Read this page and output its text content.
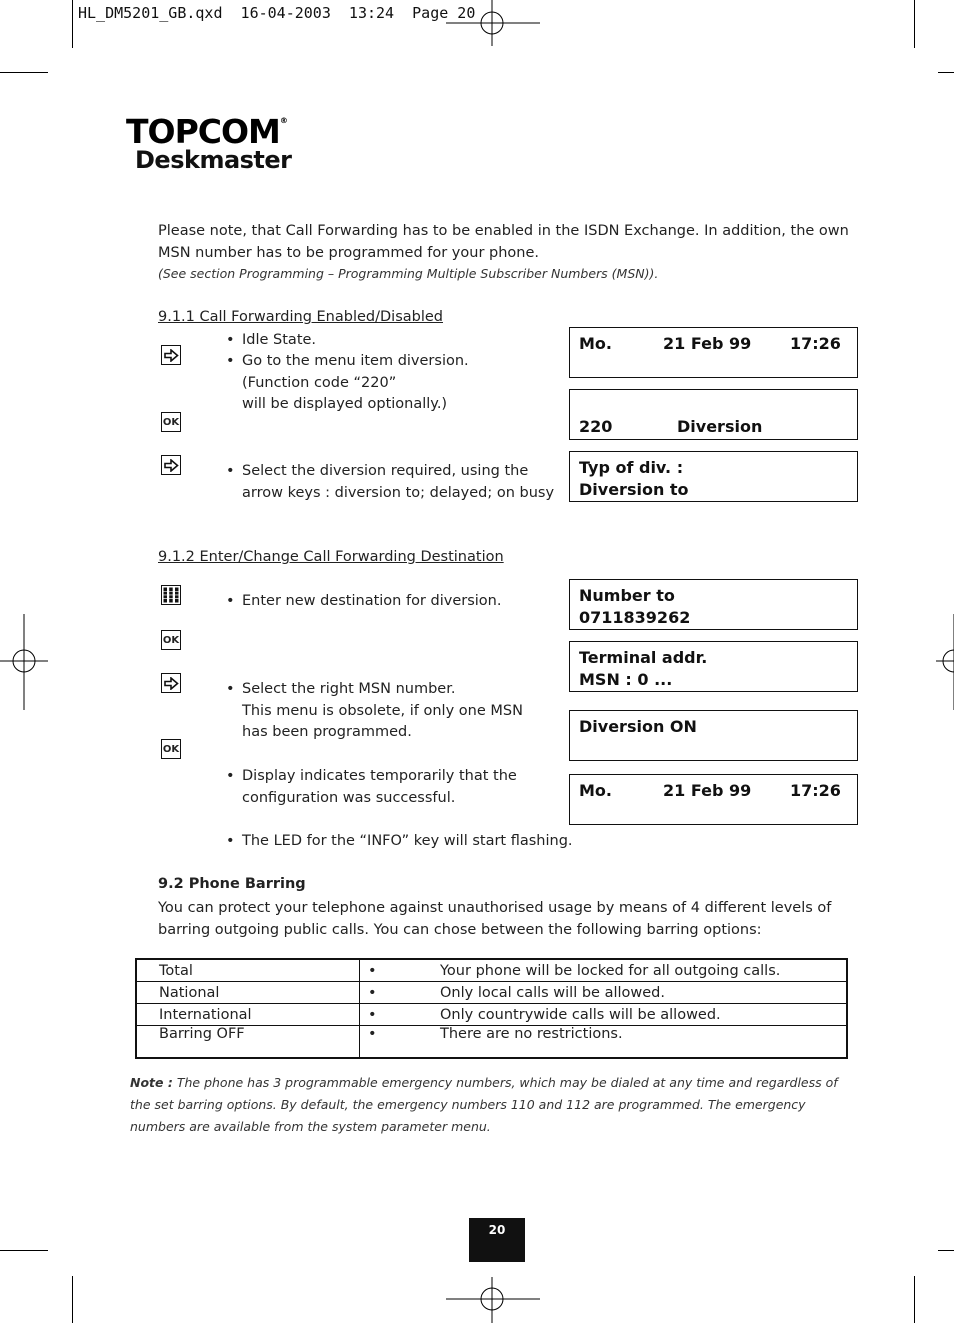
HL_DM5201_GB.qxd  16-04-2003  13:24  Page 20
TOPCOM®
Deskmaster
Please note, that Call Forwarding has to be enabled in the ISDN Exchange. In addition, the own MSN number has to be programmed for your phone.
(See section Programming – Programming Multiple Subscriber Numbers (MSN)).
9.1.1 Call Forwarding Enabled/Disabled
OK
• Idle State.
• Go to the menu item diversion.
(Function code “220”
will be displayed optionally.)
• Select the diversion required, using the
arrow keys : diversion to; delayed; on busy
Mo.	21 Feb 99 17:26
220	Diversion
Typ of div. :
Diversion to
9.1.2 Enter/Change Call Forwarding Destination
OK
OK
• Enter new destination for diversion.
• Select the right MSN number.
This menu is obsolete, if only one MSN
has been programmed.
• Display indicates temporarily that the
configuration was successful.
• The LED for the “INFO” key will start flashing.
Number to
0711839262
Terminal addr.
MSN : 0 ...
Diversion ON
Mo.	21 Feb 99 17:26
9.2 Phone Barring
You can protect your telephone against unauthorised usage by means of 4 different levels of barring outgoing public calls. You can chose between the following barring options:
Total	•	Your phone will be locked for all outgoing calls.
National	•	Only local calls will be allowed.
International	•	Only countrywide calls will be allowed.
Barring OFF	•	There are no restrictions.
Note : The phone has 3 programmable emergency numbers, which may be dialed at any time and regardless of the set barring options. By default, the emergency numbers 110 and 112 are programmed. The emergency numbers are available from the system parameter menu.
20
